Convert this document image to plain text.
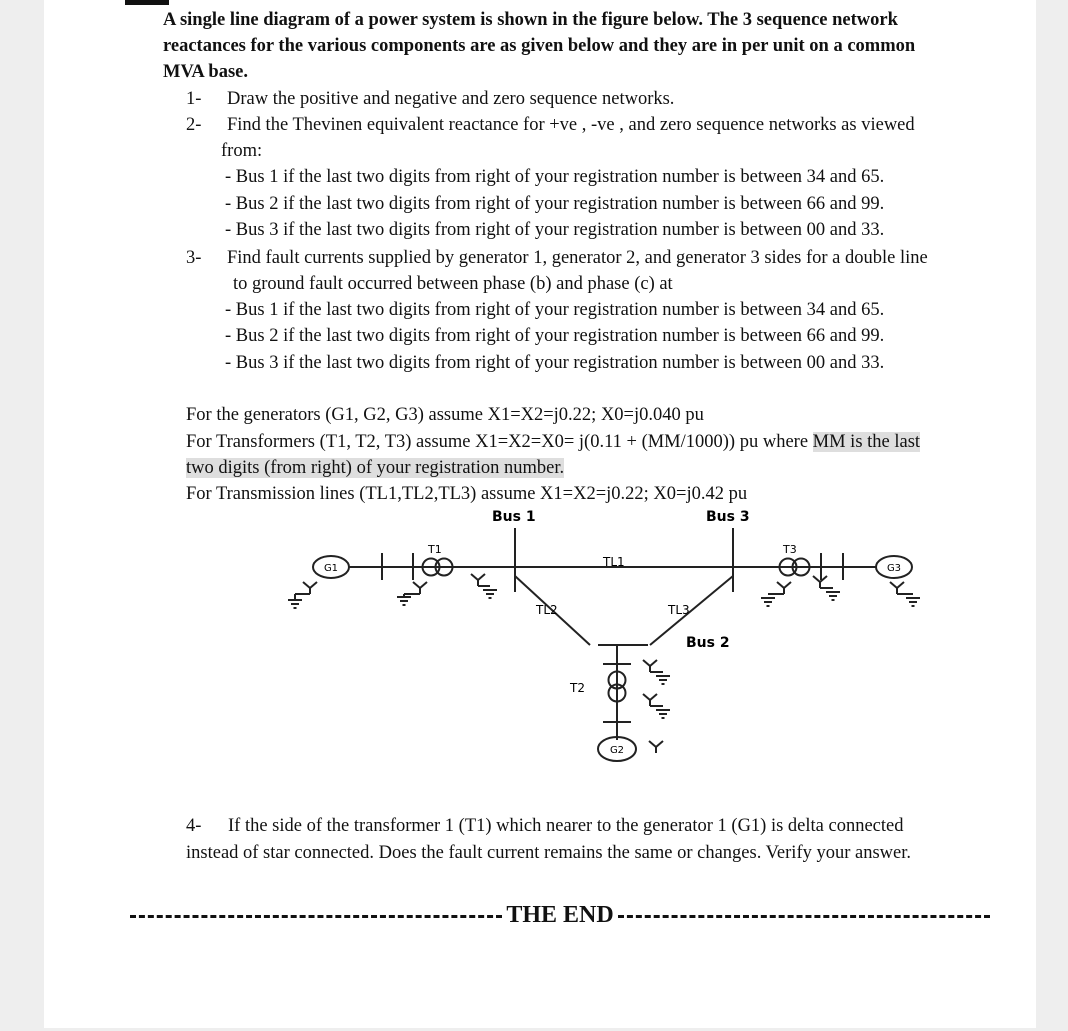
A single line diagram of a power system is shown in the figure below. The 3 sequence network
reactances for the various components are as given below and they are in per unit on a common
MVA base.
1- Draw the positive and negative and zero sequence networks.
2- Find the Thevinen equivalent reactance for +ve , -ve , and zero sequence networks as viewed
from:
- Bus 1 if the last two digits from right of your registration number is between 34 and 65.
- Bus 2 if the last two digits from right of your registration number is between 66 and 99.
- Bus 3 if the last two digits from right of your registration number is between 00 and 33.
3- Find fault currents supplied by generator 1, generator 2, and generator 3 sides for a double line
to ground fault occurred between phase (b) and phase (c) at
- Bus 1 if the last two digits from right of your registration number is between 34 and 65.
- Bus 2 if the last two digits from right of your registration number is between 66 and 99.
- Bus 3 if the last two digits from right of your registration number is between 00 and 33.
For the generators (G1, G2, G3) assume X1=X2=j0.22; X0=j0.040 pu
For Transformers (T1, T2, T3) assume X1=X2=X0= j(0.11 + (MM/1000)) pu where MM is the last
two digits (from right) of your registration number.
For Transmission lines (TL1,TL2,TL3) assume X1=X2=j0.22; X0=j0.42 pu
Bus 1	Bus 3
Bus 2
G1	G3
G2
T1	T3
T2
TL1
TL2	TL3
4- If the side of the transformer 1 (T1) which nearer to the generator 1 (G1) is delta connected
instead of star connected. Does the fault current remains the same or changes. Verify your answer.
THE END
